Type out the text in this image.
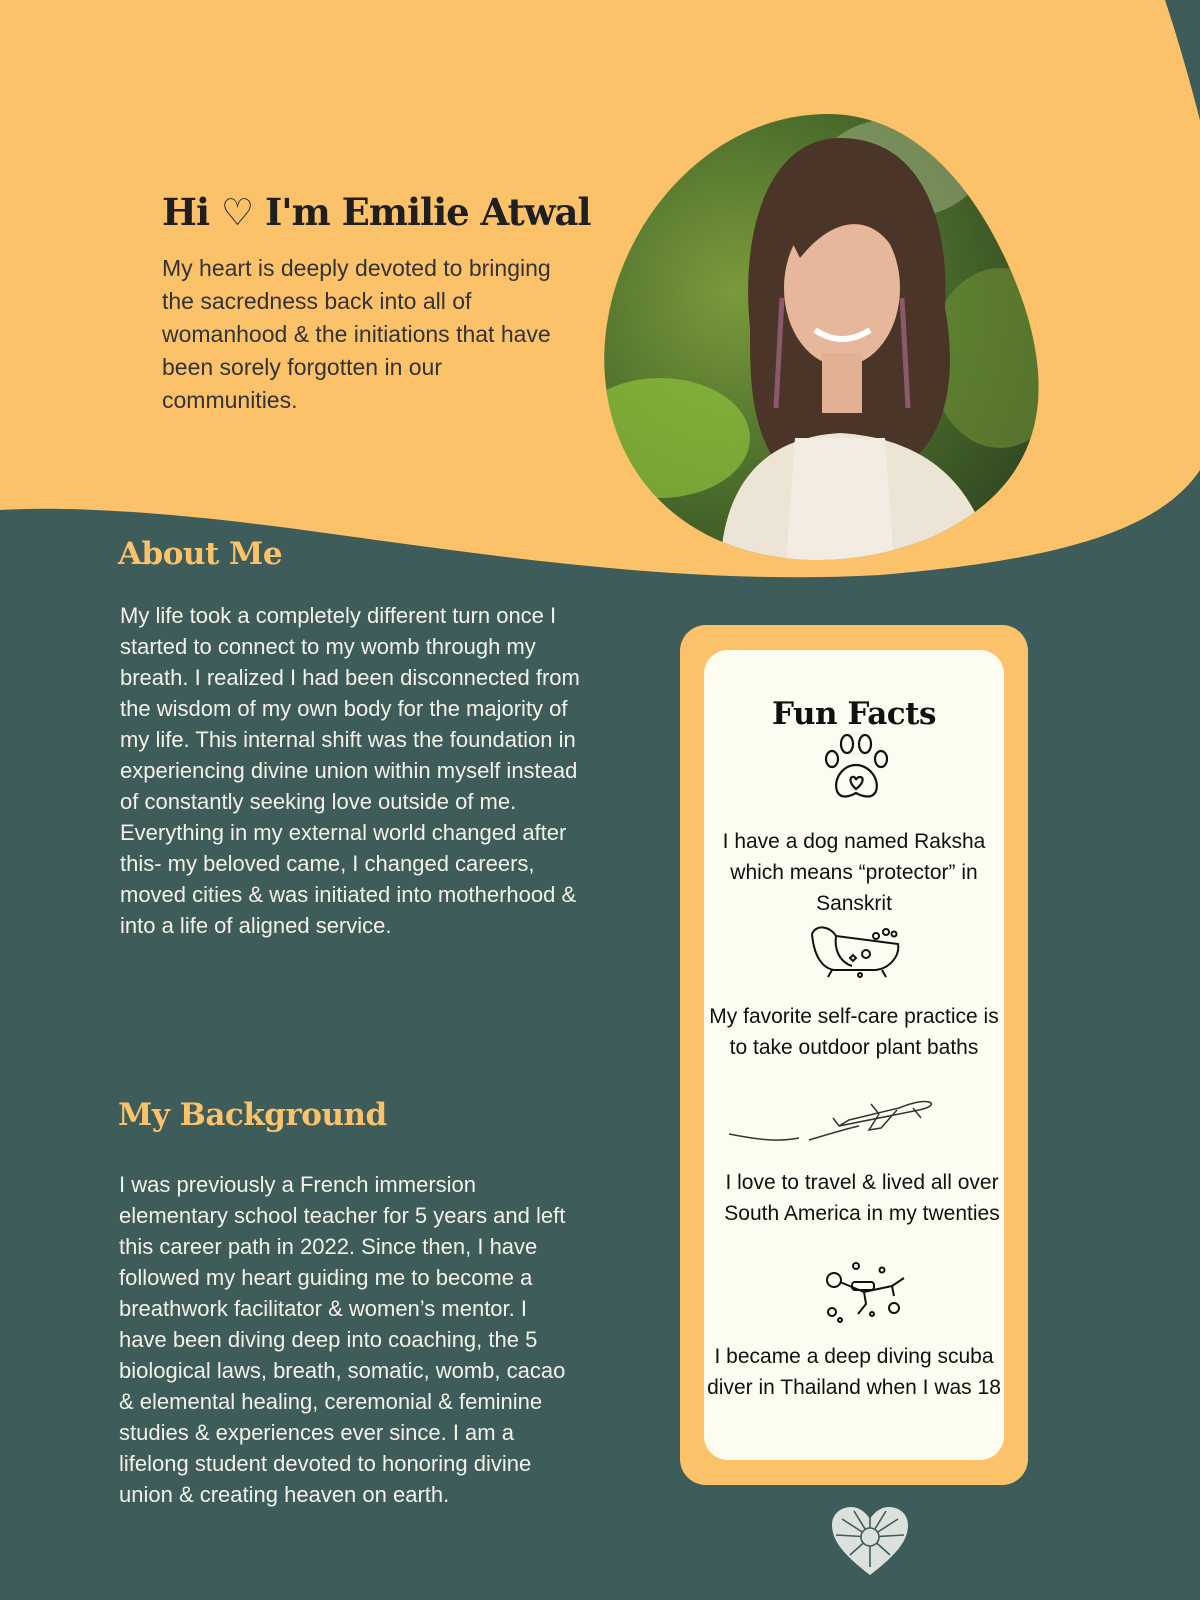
Hi ♡ I'm Emilie Atwal

My heart is deeply devoted to bringing the sacredness back into all of womanhood & the initiations that have been sorely forgotten in our communities.

About Me

My life took a completely different turn once I started to connect to my womb through my breath. I realized I had been disconnected from the wisdom of my own body for the majority of my life. This internal shift was the foundation in experiencing divine union within myself instead of constantly seeking love outside of me. Everything in my external world changed after this- my beloved came, I changed careers, moved cities & was initiated into motherhood & into a life of aligned service.

My Background

I was previously a French immersion elementary school teacher for 5 years and left this career path in 2022. Since then, I have followed my heart guiding me to become a breathwork facilitator & women’s mentor. I have been diving deep into coaching, the 5 biological laws, breath, somatic, womb, cacao & elemental healing, ceremonial & feminine studies & experiences ever since. I am a lifelong student devoted to honoring divine union & creating heaven on earth.

Fun Facts

I have a dog named Raksha which means “protector” in Sanskrit

My favorite self-care practice is to take outdoor plant baths

I love to travel & lived all over South America in my twenties

I became a deep diving scuba diver in Thailand when I was 18
